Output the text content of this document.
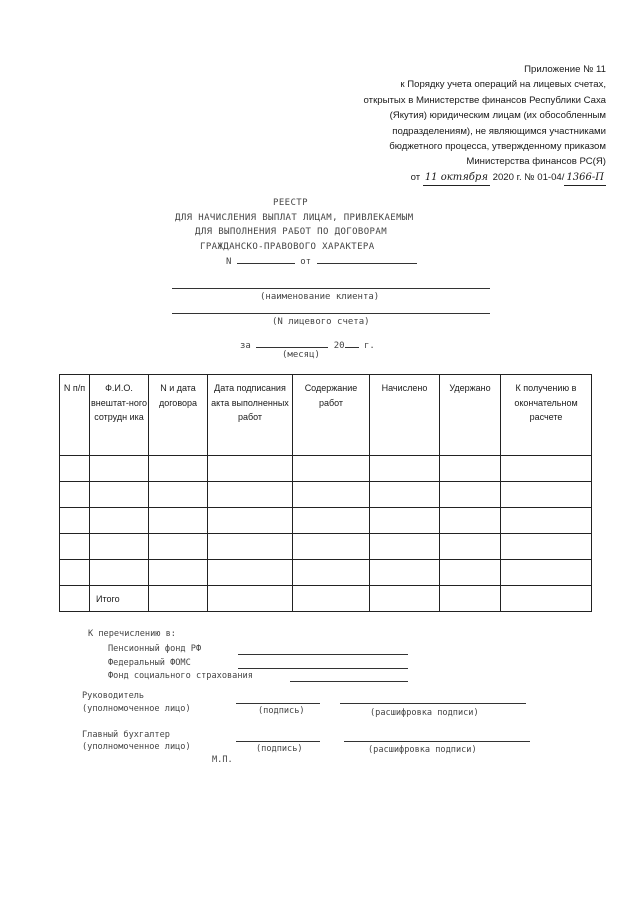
Приложение № 11
к Порядку учета операций на лицевых счетах,
открытых в Министерстве финансов Республики Саха
(Якутия) юридическим лицам (их обособленным
подразделениям), не являющимся участниками
бюджетного процесса, утвержденному приказом
Министерства финансов РС(Я)
от 11 октября 2020 г. № 01-04/ 1366-П
РЕЕСТР
ДЛЯ НАЧИСЛЕНИЯ ВЫПЛАТ ЛИЦАМ, ПРИВЛЕКАЕМЫМ
ДЛЯ ВЫПОЛНЕНИЯ РАБОТ ПО ДОГОВОРАМ
ГРАЖДАНСКО-ПРАВОВОГО ХАРАКТЕРА
N	от
(наименование клиента)
(N лицевого счета)
за	20 г.
(месяц)
N п/п	Ф.И.О. внештат-ного сотрудн ика	N и дата договора	Дата подписания акта выполненных работ	Содержание работ	Начислено	Удержано	К получению в окончательном расчете

	Итого						
К перечислению в:
Пенсионный фонд РФ
Федеральный ФОМС
Фонд социального страхования
Руководитель
(уполномоченное лицо)	(подпись)	(расшифровка подписи)
Главный бухгалтер
(уполномоченное лицо)	(подпись)	(расшифровка подписи)
М.П.
